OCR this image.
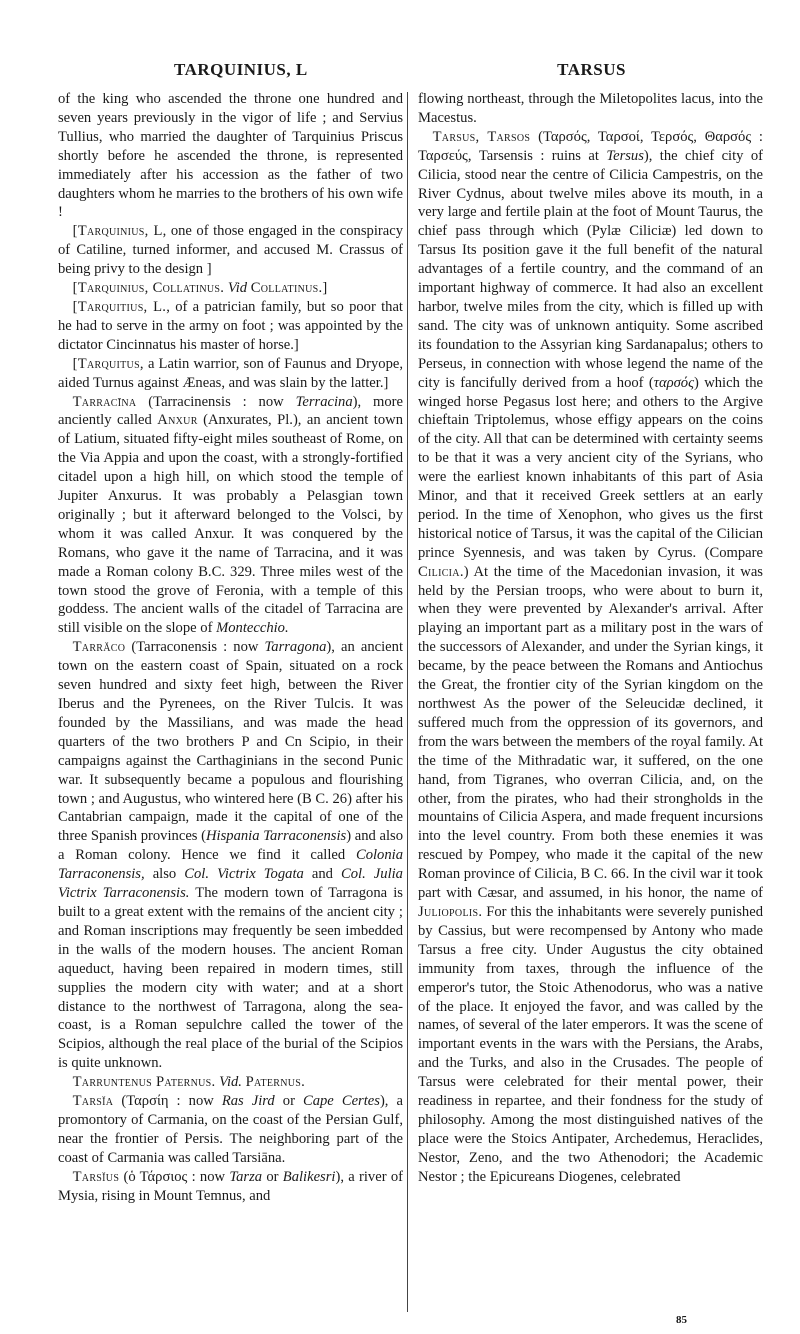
TARQUINIUS, L	TARSUS

of the king who ascended the throne one hundred and seven years previously in the vigor of life ; and Servius Tullius, who married the daughter of Tarquinius Priscus shortly before he ascended the throne, is represented immediately after his accession as the father of two daughters whom he marries to the brothers of his own wife !

[Tarquinius, L, one of those engaged in the conspiracy of Catiline, turned informer, and accused M. Crassus of being privy to the design ]

[Tarquinius, Collatinus. Vid Collatinus.]

[Tarquitius, L., of a patrician family, but so poor that he had to serve in the army on foot ; was appointed by the dictator Cincinnatus his master of horse.]

[Tarquitus, a Latin warrior, son of Faunus and Dryope, aided Turnus against Æneas, and was slain by the latter.]

Tarracīna (Tarracinensis : now Terracina), more anciently called Anxur (Anxurates, Pl.), an ancient town of Latium, situated fifty-eight miles southeast of Rome, on the Via Appia and upon the coast, with a strongly-fortified citadel upon a high hill, on which stood the temple of Jupiter Anxurus. It was probably a Pelasgian town originally ; but it afterward belonged to the Volsci, by whom it was called Anxur. It was conquered by the Romans, who gave it the name of Tarracina, and it was made a Roman colony B.C. 329. Three miles west of the town stood the grove of Feronia, with a temple of this goddess. The ancient walls of the citadel of Tarracina are still visible on the slope of Montecchio.

Tarrăco (Tarraconensis : now Tarragona), an ancient town on the eastern coast of Spain, situated on a rock seven hundred and sixty feet high, between the River Iberus and the Pyrenees, on the River Tulcis. It was founded by the Massilians, and was made the head quarters of the two brothers P and Cn Scipio, in their campaigns against the Carthaginians in the second Punic war. It subsequently became a populous and flourishing town ; and Augustus, who wintered here (B C. 26) after his Cantabrian campaign, made it the capital of one of the three Spanish provinces (Hispania Tarraconensis) and also a Roman colony. Hence we find it called Colonia Tarraconensis, also Col. Victrix Togata and Col. Julia Victrix Tarraconensis. The modern town of Tarragona is built to a great extent with the remains of the ancient city ; and Roman inscriptions may frequently be seen imbedded in the walls of the modern houses. The ancient Roman aqueduct, having been repaired in modern times, still supplies the modern city with water; and at a short distance to the northwest of Tarragona, along the sea-coast, is a Roman sepulchre called the tower of the Scipios, although the real place of the burial of the Scipios is quite unknown.

Tarruntenus Paternus. Vid. Paternus.

Tarsĭa (Ταρσίη : now Ras Jird or Cape Certes), a promontory of Carmania, on the coast of the Persian Gulf, near the frontier of Persis. The neighboring part of the coast of Carmania was called Tarsiāna.

Tarsĭus (ὁ Τάρσιος : now Tarza or Balikesri), a river of Mysia, rising in Mount Temnus, and

flowing northeast, through the Miletopolites lacus, into the Macestus.

Tarsus, Tarsos (Ταρσός, Ταρσοί, Τερσός, Θαρσός : Ταρσεύς, Tarsensis : ruins at Tersus), the chief city of Cilicia, stood near the centre of Cilicia Campestris, on the River Cydnus, about twelve miles above its mouth, in a very large and fertile plain at the foot of Mount Taurus, the chief pass through which (Pylæ Ciliciæ) led down to Tarsus Its position gave it the full benefit of the natural advantages of a fertile country, and the command of an important highway of commerce. It had also an excellent harbor, twelve miles from the city, which is filled up with sand. The city was of unknown antiquity. Some ascribed its foundation to the Assyrian king Sardanapalus; others to Perseus, in connection with whose legend the name of the city is fancifully derived from a hoof (ταρσός) which the winged horse Pegasus lost here; and others to the Argive chieftain Triptolemus, whose effigy appears on the coins of the city. All that can be determined with certainty seems to be that it was a very ancient city of the Syrians, who were the earliest known inhabitants of this part of Asia Minor, and that it received Greek settlers at an early period. In the time of Xenophon, who gives us the first historical notice of Tarsus, it was the capital of the Cilician prince Syennesis, and was taken by Cyrus. (Compare Cilicia.) At the time of the Macedonian invasion, it was held by the Persian troops, who were about to burn it, when they were prevented by Alexander's arrival. After playing an important part as a military post in the wars of the successors of Alexander, and under the Syrian kings, it became, by the peace between the Romans and Antiochus the Great, the frontier city of the Syrian kingdom on the northwest As the power of the Seleucidæ declined, it suffered much from the oppression of its governors, and from the wars between the members of the royal family. At the time of the Mithradatic war, it suffered, on the one hand, from Tigranes, who overran Cilicia, and, on the other, from the pirates, who had their strongholds in the mountains of Cilicia Aspera, and made frequent incursions into the level country. From both these enemies it was rescued by Pompey, who made it the capital of the new Roman province of Cilicia, B C. 66. In the civil war it took part with Cæsar, and assumed, in his honor, the name of Juliopolis. For this the inhabitants were severely punished by Cassius, but were recompensed by Antony who made Tarsus a free city. Under Augustus the city obtained immunity from taxes, through the influence of the emperor's tutor, the Stoic Athenodorus, who was a native of the place. It enjoyed the favor, and was called by the names, of several of the later emperors. It was the scene of important events in the wars with the Persians, the Arabs, and the Turks, and also in the Crusades. The people of Tarsus were celebrated for their mental power, their readiness in repartee, and their fondness for the study of philosophy. Among the most distinguished natives of the place were the Stoics Antipater, Archedemus, Heraclides, Nestor, Zeno, and the two Athenodori; the Academic Nestor ; the Epicureans Diogenes, celebrated

85
